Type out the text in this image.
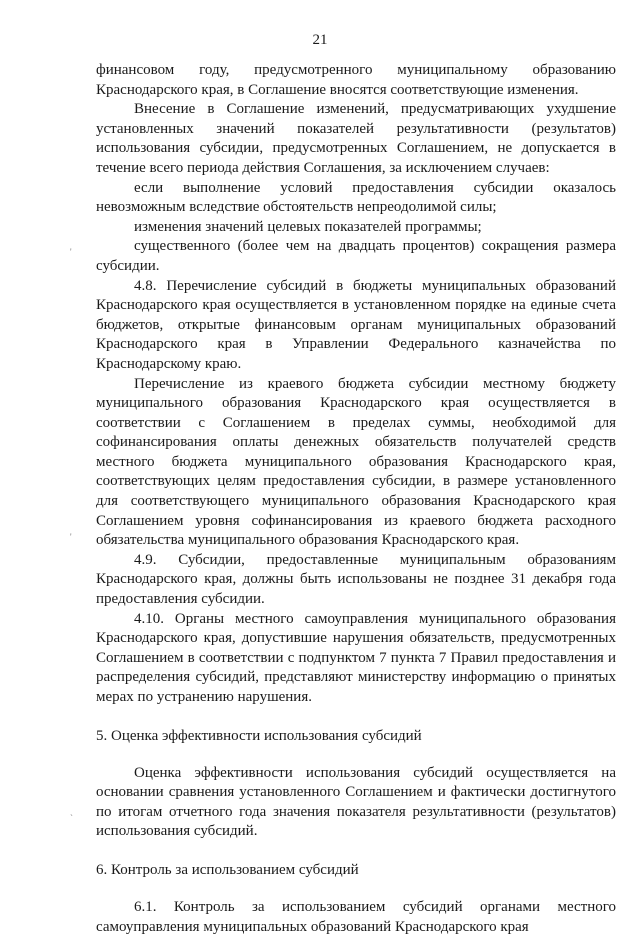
21

финансовом году, предусмотренного муниципальному образованию Краснодарского края, в Соглашение вносятся соответствующие изменения.

Внесение в Соглашение изменений, предусматривающих ухудшение установленных значений показателей результативности (результатов) использования субсидии, предусмотренных Соглашением, не допускается в течение всего периода действия Соглашения, за исключением случаев:

если выполнение условий предоставления субсидии оказалось невозможным вследствие обстоятельств непреодолимой силы;

изменения значений целевых показателей программы;

существенного (более чем на двадцать процентов) сокращения размера субсидии.

4.8. Перечисление субсидий в бюджеты муниципальных образований Краснодарского края осуществляется в установленном порядке на единые счета бюджетов, открытые финансовым органам муниципальных образований Краснодарского края в Управлении Федерального казначейства по Краснодарскому краю.

Перечисление из краевого бюджета субсидии местному бюджету муниципального образования Краснодарского края осуществляется в соответствии с Соглашением в пределах суммы, необходимой для софинансирования оплаты денежных обязательств получателей средств местного бюджета муниципального образования Краснодарского края, соответствующих целям предоставления субсидии, в размере установленного для соответствующего муниципального образования Краснодарского края Соглашением уровня софинансирования из краевого бюджета расходного обязательства муниципального образования Краснодарского края.

4.9. Субсидии, предоставленные муниципальным образованиям Краснодарского края, должны быть использованы не позднее 31 декабря года предоставления субсидии.

4.10. Органы местного самоуправления муниципального образования Краснодарского края, допустившие нарушения обязательств, предусмотренных Соглашением в соответствии с подпунктом 7 пункта 7 Правил предоставления и распределения субсидий, представляют министерству информацию о принятых мерах по устранению нарушения.

5. Оценка эффективности использования субсидий

Оценка эффективности использования субсидий осуществляется на основании сравнения установленного Соглашением и фактически достигнутого по итогам отчетного года значения показателя результативности (результатов) использования субсидий.

6. Контроль за использованием субсидий

6.1. Контроль за использованием субсидий органами местного самоуправления муниципальных образований Краснодарского края

'
'
`
